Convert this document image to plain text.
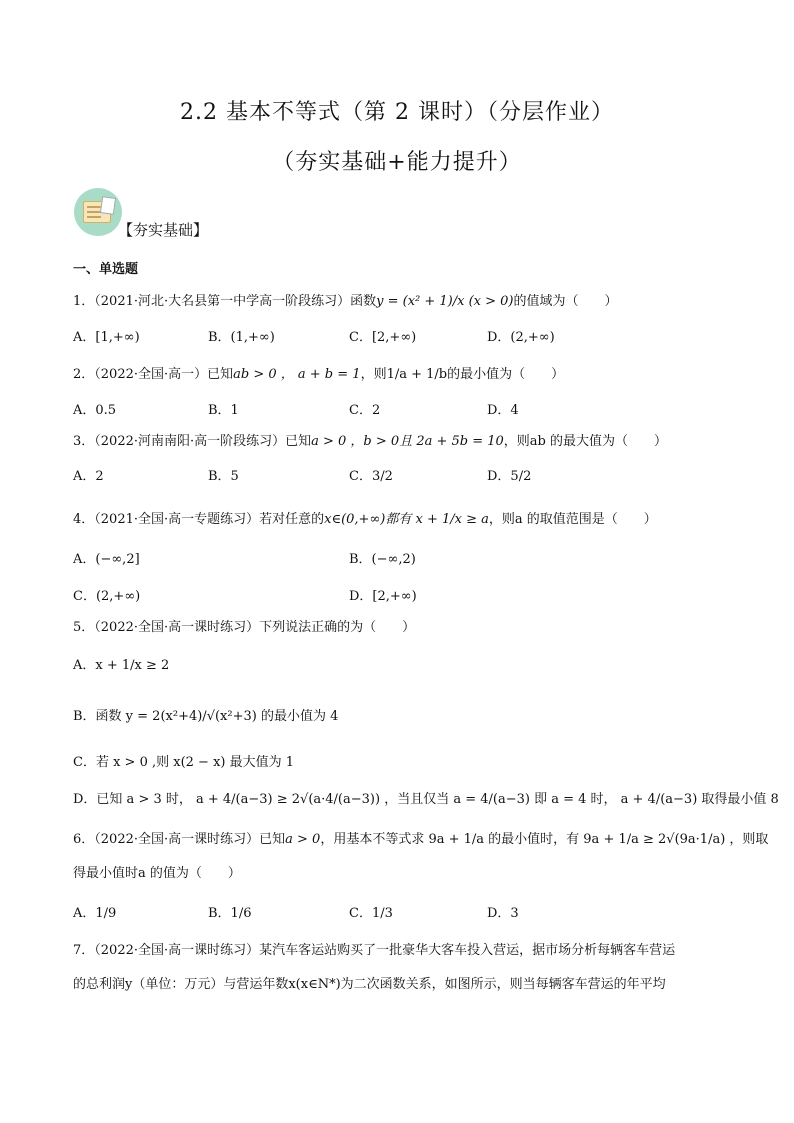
2.2 基本不等式（第 2 课时）（分层作业）
（夯实基础+能力提升）
【夯实基础】
一、单选题
1．（2021·河北·大名县第一中学高一阶段练习）函数y = (x² + 1)/x (x > 0)的值域为（　　）
A．[1,+∞)	B．(1,+∞)	C．[2,+∞)	D．(2,+∞)
2．（2022·全国·高一）已知ab > 0 ， a + b = 1，则1/a + 1/b的最小值为（　　）
A．0.5	B．1	C．2	D．4
3．（2022·河南南阳·高一阶段练习）已知a > 0 ，b > 0且 2a + 5b = 10，则ab 的最大值为（　　）
A．2	B．5	C．3/2	D．5/2
4．（2021·全国·高一专题练习）若对任意的x∈(0,+∞)都有 x + 1/x ≥ a，则a 的取值范围是（　　）
A．(−∞,2]	B．(−∞,2)
C．(2,+∞)	D．[2,+∞)
5．（2022·全国·高一课时练习）下列说法正确的为（　　）
A．x + 1/x ≥ 2
B．函数 y = 2(x²+4)/√(x²+3) 的最小值为 4
C．若 x > 0 ,则 x(2 − x) 最大值为 1
D．已知 a > 3 时， a + 4/(a−3) ≥ 2√(a·4/(a−3)) ，当且仅当 a = 4/(a−3) 即 a = 4 时， a + 4/(a−3) 取得最小值 8
6．（2022·全国·高一课时练习）已知a > 0，用基本不等式求 9a + 1/a 的最小值时，有 9a + 1/a ≥ 2√(9a·1/a) ，则取
得最小值时a 的值为（　　）
A．1/9	B．1/6	C．1/3	D．3
7．（2022·全国·高一课时练习）某汽车客运站购买了一批豪华大客车投入营运，据市场分析每辆客车营运
的总利润y（单位：万元）与营运年数x(x∈N*)为二次函数关系，如图所示，则当每辆客车营运的年平均
